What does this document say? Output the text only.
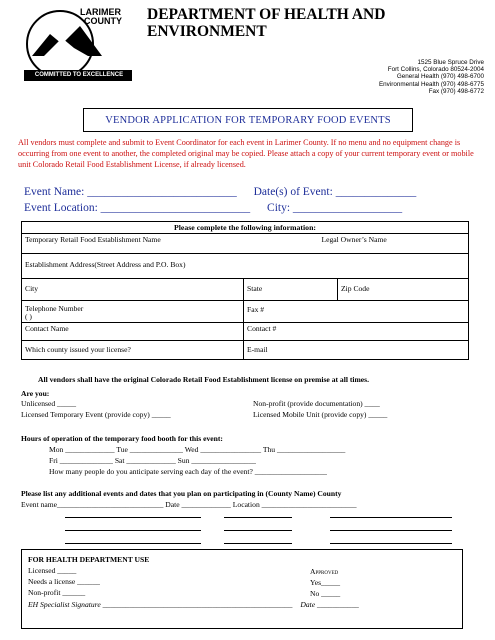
LARIMER
COUNTY
COMMITTED TO EXCELLENCE
DEPARTMENT OF HEALTH AND
ENVIRONMENT
1525 Blue Spruce Drive
Fort Collins, Colorado 80524-2004
General Health (970) 498-6700
Environmental Health (970) 498-6775
Fax (970) 498-6772
VENDOR APPLICATION FOR TEMPORARY FOOD EVENTS
All vendors must complete and submit to Event Coordinator for each event in Larimer County. If no menu and no equipment change is occurring from one event to another, the completed original may be copied. Please attach a copy of your current temporary event or mobile unit Colorado Retail Food Establishment License, if already licensed.
Event Name: __________________________ Date(s) of Event: ______________
Event Location: __________________________ City: ___________________
Please complete the following information:		
Temporary Retail Food Establishment Name Legal Owner’s Name		

Establishment Address(Street Address and P.O. Box)		
City	State	Zip Code

Telephone Number
( )	Fax #	
Contact Name	Contact #	
Which county issued your license?	E-mail	
All vendors shall have the original Colorado Retail Food Establishment license on premise at all times.
Are you:
Unlicensed _____	Non-profit (provide documentation) ____
Licensed Temporary Event (provide copy) _____	Licensed Mobile Unit (provide copy) _____
Hours of operation of the temporary food booth for this event:
Mon _____________ Tue ______________ Wed ________________ Thu __________________
Fri ______________ Sat _____________ Sun _________________
How many people do you anticipate serving each day of the event? ___________________
Please list any additional events and dates that you plan on participating in (County Name) County
Event name____________________________ Date _____________ Location _________________________
FOR HEALTH DEPARTMENT USE
Licensed _____
Needs a license ______
Non-profit ______
Approved
Yes_____
No _____
EH Specialist Signature __________________________________________________ Date ___________
